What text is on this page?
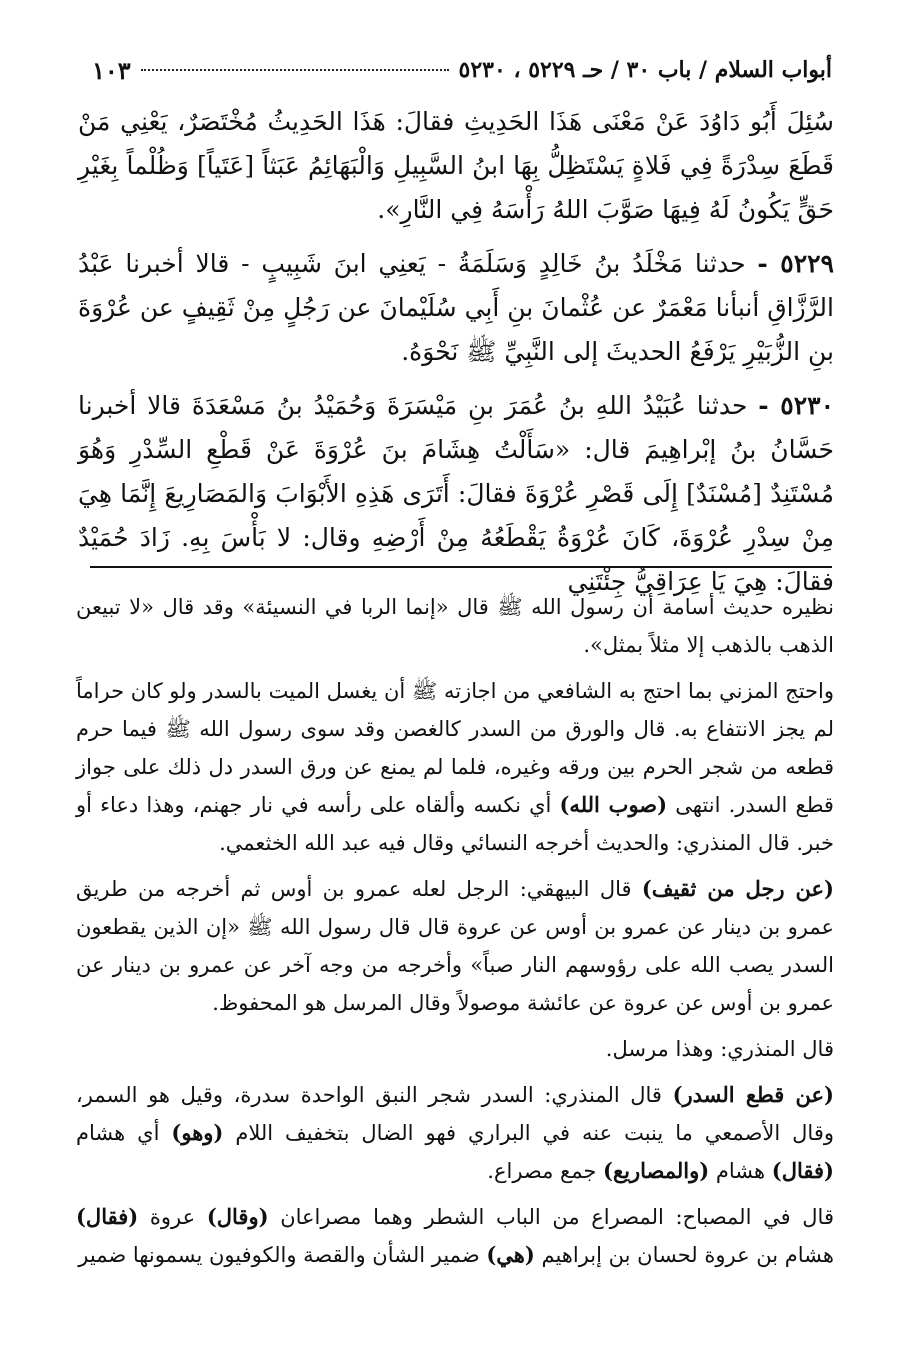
أبواب السلام / باب ٣٠ / حـ ٥٢٢٩ ، ٥٢٣٠
١٠٣

سُئِلَ أَبُو دَاوُدَ عَنْ مَعْنَى هَذَا الحَدِيثِ فقالَ: هَذَا الحَدِيثُ مُخْتَصَرٌ، يَعْنِي مَنْ قَطَعَ سِدْرَةً فِي فَلاةٍ يَسْتَظِلُّ بِهَا ابنُ السَّبِيلِ وَالْبَهَائِمُ عَبَثاً [عَتَياً] وَظُلْماً بِغَيْرِ حَقٍّ يَكُونُ لَهُ فِيهَا صَوَّبَ اللهُ رَأْسَهُ فِي النَّارِ».

٥٢٢٩ - حدثنا مَخْلَدُ بنُ خَالِدٍ وَسَلَمَةُ - يَعنِي ابنَ شَبِيبٍ - قالا أخبرنا عَبْدُ الرَّزَّاقِ أنبأنا مَعْمَرٌ عن عُثْمانَ بنِ أَبِي سُلَيْمانَ عن رَجُلٍ مِنْ ثَقِيفٍ عن عُرْوَةَ بنِ الزُّبَيْرِ يَرْفَعُ الحديثَ إلى النَّبِيِّ ﷺ نَحْوَهُ.

٥٢٣٠ - حدثنا عُبَيْدُ اللهِ بنُ عُمَرَ بنِ مَيْسَرَةَ وَحُمَيْدُ بنُ مَسْعَدَةَ قالا أخبرنا حَسَّانُ بنُ إبْراهِيمَ قال: «سَأَلْتُ هِشَامَ بنَ عُرْوَةَ عَنْ قَطْعِ السِّدْرِ وَهُوَ مُسْتَنِدٌ [مُسْنَدٌ] إِلَى قَصْرِ عُرْوَةَ فقالَ: أَتَرَى هَذِهِ الأَبْوَابَ وَالمَصَارِيعَ إِنَّمَا هِيَ مِنْ سِدْرِ عُرْوَةَ، كَانَ عُرْوَةُ يَقْطَعُهُ مِنْ أَرْضِهِ وقال: لا بَأْسَ بِهِ. زَادَ حُمَيْدٌ فقالَ: هِيَ يَا عِرَاقِيُّ جِئْتَنِي

نظيره حديث أسامة أن رسول الله ﷺ قال «إنما الربا في النسيئة» وقد قال «لا تبيعن الذهب بالذهب إلا مثلاً بمثل».

واحتج المزني بما احتج به الشافعي من اجازته ﷺ أن يغسل الميت بالسدر ولو كان حراماً لم يجز الانتفاع به. قال والورق من السدر كالغصن وقد سوى رسول الله ﷺ فيما حرم قطعه من شجر الحرم بين ورقه وغيره، فلما لم يمنع عن ورق السدر دل ذلك على جواز قطع السدر. انتهى (صوب الله) أي نكسه وألقاه على رأسه في نار جهنم، وهذا دعاء أو خبر. قال المنذري: والحديث أخرجه النسائي وقال فيه عبد الله الخثعمي.

(عن رجل من ثقيف) قال البيهقي: الرجل لعله عمرو بن أوس ثم أخرجه من طريق عمرو بن دينار عن عمرو بن أوس عن عروة قال قال رسول الله ﷺ «إن الذين يقطعون السدر يصب الله على رؤوسهم النار صباً» وأخرجه من وجه آخر عن عمرو بن دينار عن عمرو بن أوس عن عروة عن عائشة موصولاً وقال المرسل هو المحفوظ.

قال المنذري: وهذا مرسل.

(عن قطع السدر) قال المنذري: السدر شجر النبق الواحدة سدرة، وقيل هو السمر، وقال الأصمعي ما ينبت عنه في البراري فهو الضال بتخفيف اللام (وهو) أي هشام (فقال) هشام (والمصاريع) جمع مصراع.

قال في المصباح: المصراع من الباب الشطر وهما مصراعان (وقال) عروة (فقال) هشام بن عروة لحسان بن إبراهيم (هي) ضمير الشأن والقصة والكوفيون يسمونها ضمير
